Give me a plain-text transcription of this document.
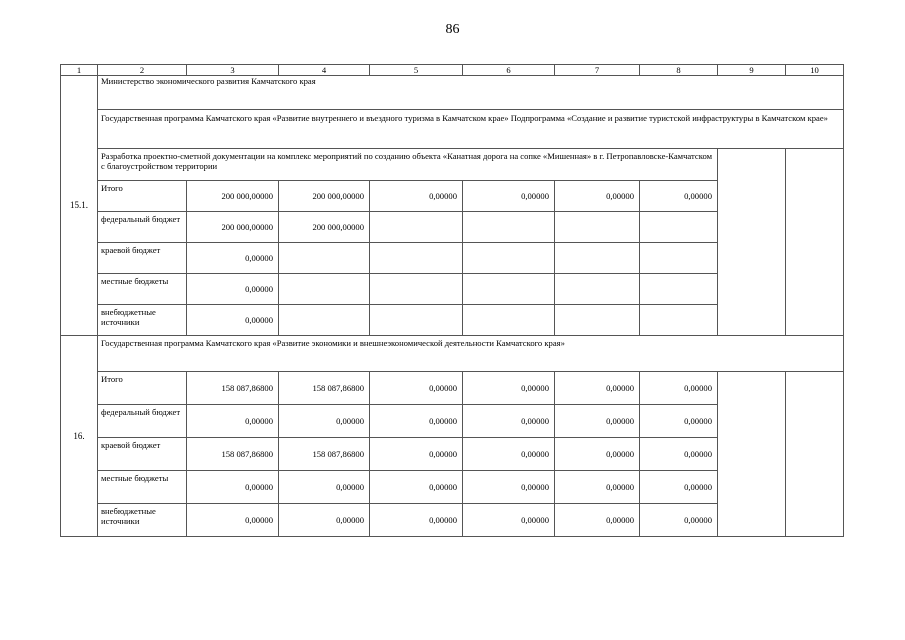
86
1	2	3	4	5	6	7	8	9	10
15.1.	Министерство экономического развития Камчатского края								
	Государственная программа Камчатского края «Развитие внутреннего и въездного туризма в Камчатском крае» Подпрограмма «Создание и развитие туристской инфраструктуры в Камчатском крае»								
	Разработка проектно-сметной документации на комплекс мероприятий по созданию объекта «Канатная дорога на сопке «Мишенная» в г. Петропавловске-Камчатском с благоустройством территории								
	Итого	200 000,00000	200 000,00000	0,00000	0,00000	0,00000	0,00000		
	федеральный бюджет	200 000,00000	200 000,00000						
	краевой бюджет	0,00000							
	местные бюджеты	0,00000							
	внебюджетные источники	0,00000							
16.	Государственная программа Камчатского края «Развитие экономики и внешнеэкономической деятельности Камчатского края»								
	Итого	158 087,86800	158 087,86800	0,00000	0,00000	0,00000	0,00000		
	федеральный бюджет	0,00000	0,00000	0,00000	0,00000	0,00000	0,00000		
	краевой бюджет	158 087,86800	158 087,86800	0,00000	0,00000	0,00000	0,00000		
	местные бюджеты	0,00000	0,00000	0,00000	0,00000	0,00000	0,00000		
	внебюджетные источники	0,00000	0,00000	0,00000	0,00000	0,00000	0,00000		
